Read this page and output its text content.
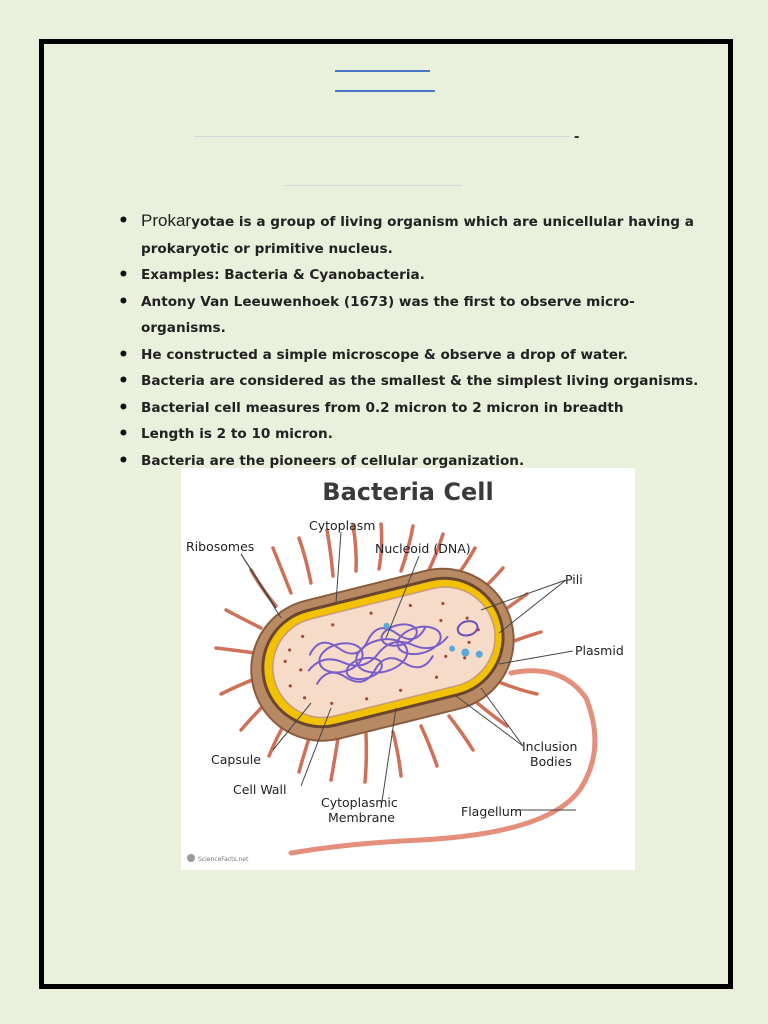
-
• Prokaryotae is a group of living organism which are unicellular having a prokaryotic or primitive nucleus.
• Examples: Bacteria & Cyanobacteria.
• Antony Van Leeuwenhoek (1673) was the first to observe micro-organisms.
• He constructed a simple microscope & observe a drop of water.
• Bacteria are considered as the smallest & the simplest living organisms.
• Bacterial cell measures from 0.2 micron to 2 micron in breadth
• Length is 2 to 10 micron.
• Bacteria are the pioneers of cellular organization.
Bacteria Cell
Ribosomes
Cytoplasm
Nucleoid (DNA)
Pili
Plasmid
Inclusion
Bodies
Capsule
Cell Wall
Cytoplasmic
Membrane	Flagellum
ScienceFacts.net
